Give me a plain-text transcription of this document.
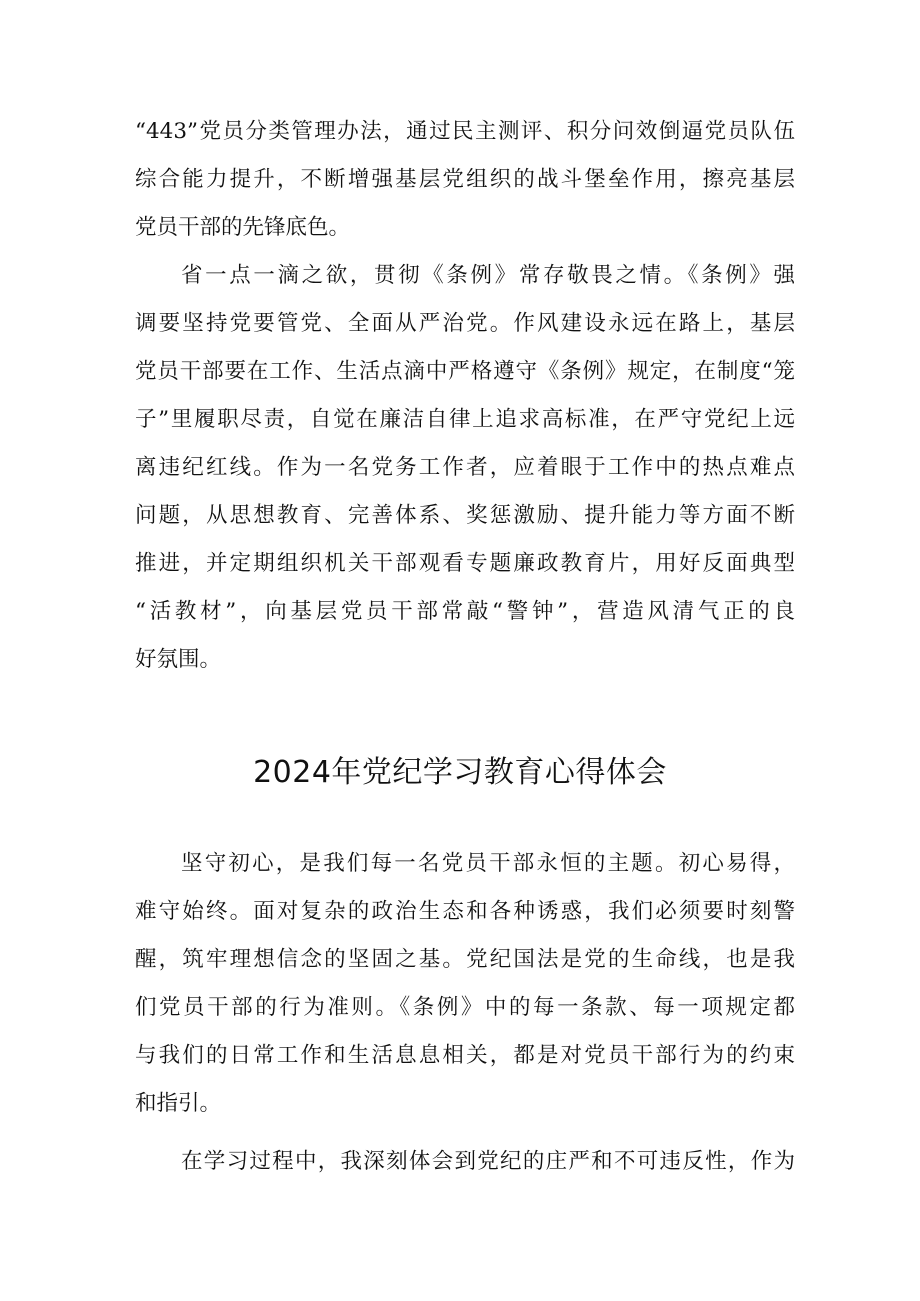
“443”党员分类管理办法，通过民主测评、积分问效倒逼党员队伍
综合能力提升，不断增强基层党组织的战斗堡垒作用，擦亮基层
党员干部的先锋底色。
省一点一滴之欲，贯彻《条例》常存敬畏之情。《条例》强
调要坚持党要管党、全面从严治党。作风建设永远在路上，基层
党员干部要在工作、生活点滴中严格遵守《条例》规定，在制度“笼
子”里履职尽责，自觉在廉洁自律上追求高标准，在严守党纪上远
离违纪红线。作为一名党务工作者，应着眼于工作中的热点难点
问题，从思想教育、完善体系、奖惩激励、提升能力等方面不断
推进，并定期组织机关干部观看专题廉政教育片，用好反面典型
“活教材”，向基层党员干部常敲“警钟”，营造风清气正的良
好氛围。
2024年党纪学习教育心得体会
坚守初心，是我们每一名党员干部永恒的主题。初心易得，
难守始终。面对复杂的政治生态和各种诱惑，我们必须要时刻警
醒，筑牢理想信念的坚固之基。党纪国法是党的生命线，也是我
们党员干部的行为准则。《条例》中的每一条款、每一项规定都
与我们的日常工作和生活息息相关，都是对党员干部行为的约束
和指引。
在学习过程中，我深刻体会到党纪的庄严和不可违反性，作为
